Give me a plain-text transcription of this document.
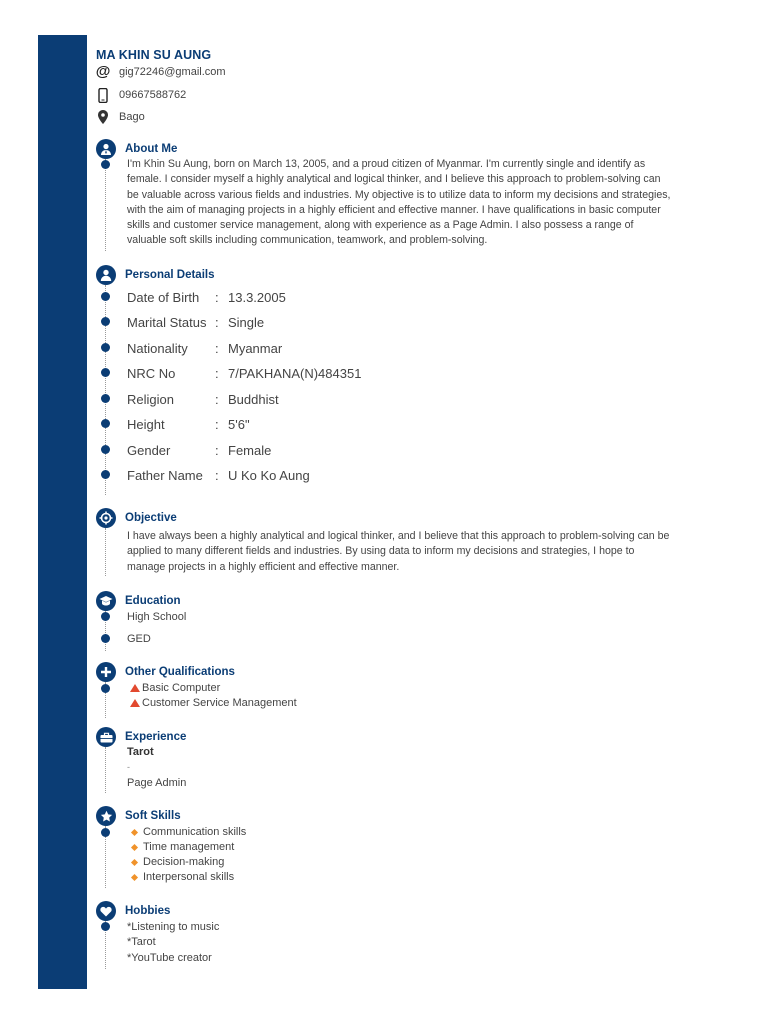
MA KHIN SU AUNG
@ gig72246@gmail.com
09667588762
Bago
About Me
I'm Khin Su Aung, born on March 13, 2005, and a proud citizen of Myanmar. I'm currently single and identify as
female. I consider myself a highly analytical and logical thinker, and I believe this approach to problem-solving can
be valuable across various fields and industries. My objective is to utilize data to inform my decisions and strategies,
with the aim of managing projects in a highly efficient and effective manner. I have qualifications in basic computer
skills and customer service management, along with experience as a Page Admin. I also possess a range of
valuable soft skills including communication, teamwork, and problem-solving.
Personal Details
Date of Birth	: 13.3.2005
Marital Status : Single
Nationality	: Myanmar
NRC No	: 7/PAKHANA(N)484351
Religion	: Buddhist
Height	: 5'6"
Gender	: Female
Father Name : U Ko Ko Aung
Objective
I have always been a highly analytical and logical thinker, and I believe that this approach to problem-solving can be
applied to many different fields and industries. By using data to inform my decisions and strategies, I hope to
manage projects in a highly efficient and effective manner.
Education
High School
GED
Other Qualifications
Basic Computer
Customer Service Management
Experience
Tarot
-
Page Admin
Soft Skills
Communication skills
Time management
Decision-making
Interpersonal skills
Hobbies
*Listening to music
*Tarot
*YouTube creator
